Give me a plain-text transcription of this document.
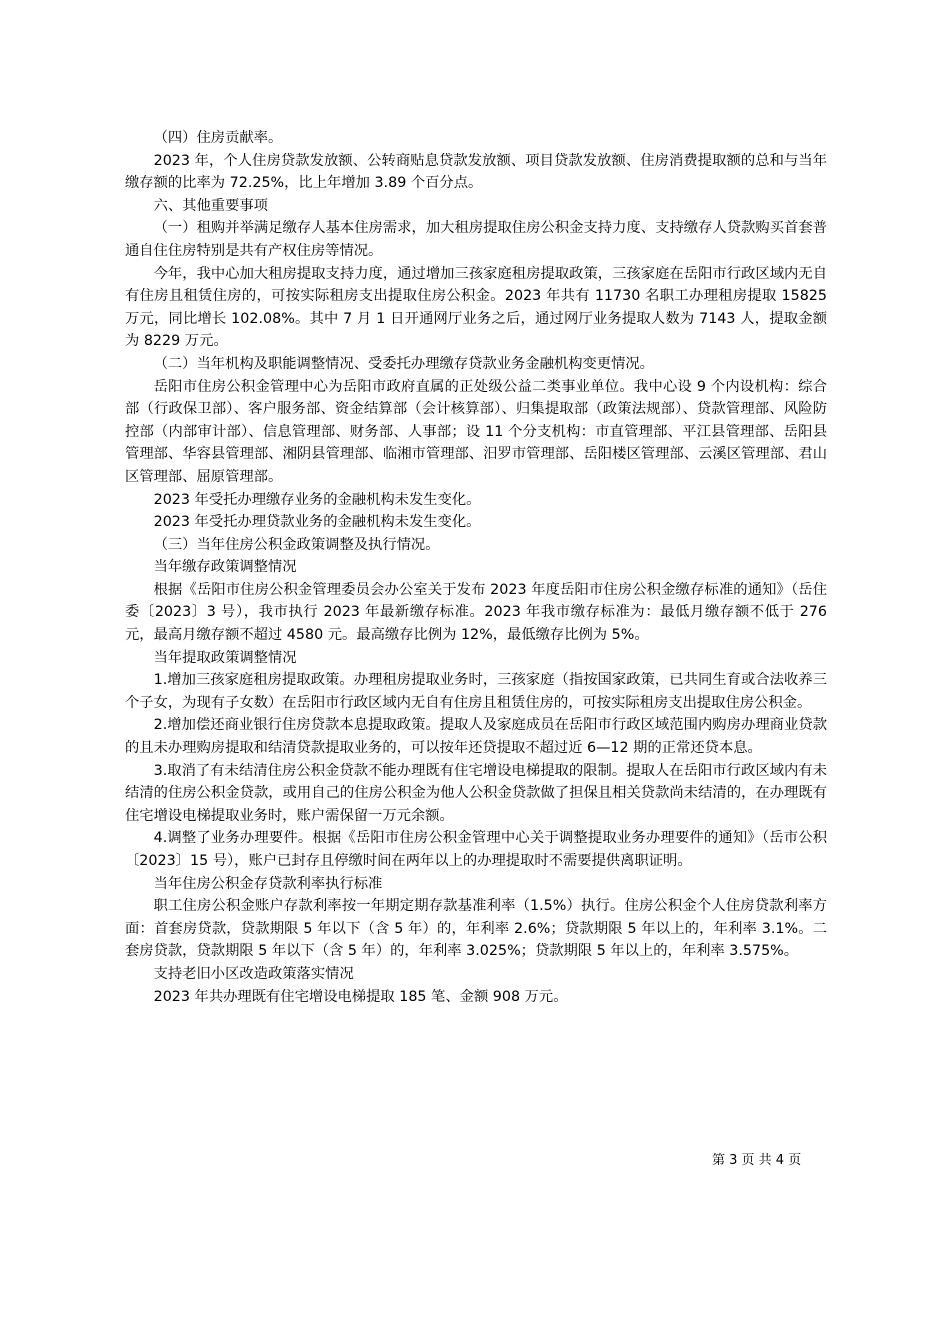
（四）住房贡献率。

2023 年，个人住房贷款发放额、公转商贴息贷款发放额、项目贷款发放额、住房消费提取额的总和与当年缴存额的比率为 72.25%，比上年增加 3.89 个百分点。

六、其他重要事项

（一）租购并举满足缴存人基本住房需求，加大租房提取住房公积金支持力度、支持缴存人贷款购买首套普通自住住房特别是共有产权住房等情况。

今年，我中心加大租房提取支持力度，通过增加三孩家庭租房提取政策，三孩家庭在岳阳市行政区域内无自有住房且租赁住房的，可按实际租房支出提取住房公积金。2023 年共有 11730 名职工办理租房提取 15825 万元，同比增长 102.08%。其中 7 月 1 日开通网厅业务之后，通过网厅业务提取人数为 7143 人，提取金额为 8229 万元。

（二）当年机构及职能调整情况、受委托办理缴存贷款业务金融机构变更情况。

岳阳市住房公积金管理中心为岳阳市政府直属的正处级公益二类事业单位。我中心设 9 个内设机构：综合部（行政保卫部）、客户服务部、资金结算部（会计核算部）、归集提取部（政策法规部）、贷款管理部、风险防控部（内部审计部）、信息管理部、财务部、人事部；设 11 个分支机构：市直管理部、平江县管理部、岳阳县管理部、华容县管理部、湘阴县管理部、临湘市管理部、汨罗市管理部、岳阳楼区管理部、云溪区管理部、君山区管理部、屈原管理部。

2023 年受托办理缴存业务的金融机构未发生变化。

2023 年受托办理贷款业务的金融机构未发生变化。

（三）当年住房公积金政策调整及执行情况。

当年缴存政策调整情况

根据《岳阳市住房公积金管理委员会办公室关于发布 2023 年度岳阳市住房公积金缴存标准的通知》（岳住委〔2023〕3 号），我市执行 2023 年最新缴存标准。2023 年我市缴存标准为：最低月缴存额不低于 276 元，最高月缴存额不超过 4580 元。最高缴存比例为 12%，最低缴存比例为 5%。

当年提取政策调整情况

1.增加三孩家庭租房提取政策。办理租房提取业务时，三孩家庭（指按国家政策，已共同生育或合法收养三个子女，为现有子女数）在岳阳市行政区域内无自有住房且租赁住房的，可按实际租房支出提取住房公积金。

2.增加偿还商业银行住房贷款本息提取政策。提取人及家庭成员在岳阳市行政区域范围内购房办理商业贷款的且未办理购房提取和结清贷款提取业务的，可以按年还贷提取不超过近 6—12 期的正常还贷本息。

3.取消了有未结清住房公积金贷款不能办理既有住宅增设电梯提取的限制。提取人在岳阳市行政区域内有未结清的住房公积金贷款，或用自己的住房公积金为他人公积金贷款做了担保且相关贷款尚未结清的，在办理既有住宅增设电梯提取业务时，账户需保留一万元余额。

4.调整了业务办理要件。根据《岳阳市住房公积金管理中心关于调整提取业务办理要件的通知》（岳市公积〔2023〕15 号），账户已封存且停缴时间在两年以上的办理提取时不需要提供离职证明。

当年住房公积金存贷款利率执行标准

职工住房公积金账户存款利率按一年期定期存款基准利率（1.5%）执行。住房公积金个人住房贷款利率方面：首套房贷款，贷款期限 5 年以下（含 5 年）的，年利率 2.6%；贷款期限 5 年以上的，年利率 3.1%。二套房贷款，贷款期限 5 年以下（含 5 年）的，年利率 3.025%；贷款期限 5 年以上的，年利率 3.575%。

支持老旧小区改造政策落实情况

2023 年共办理既有住宅增设电梯提取 185 笔、金额 908 万元。

第 3 页 共 4 页
